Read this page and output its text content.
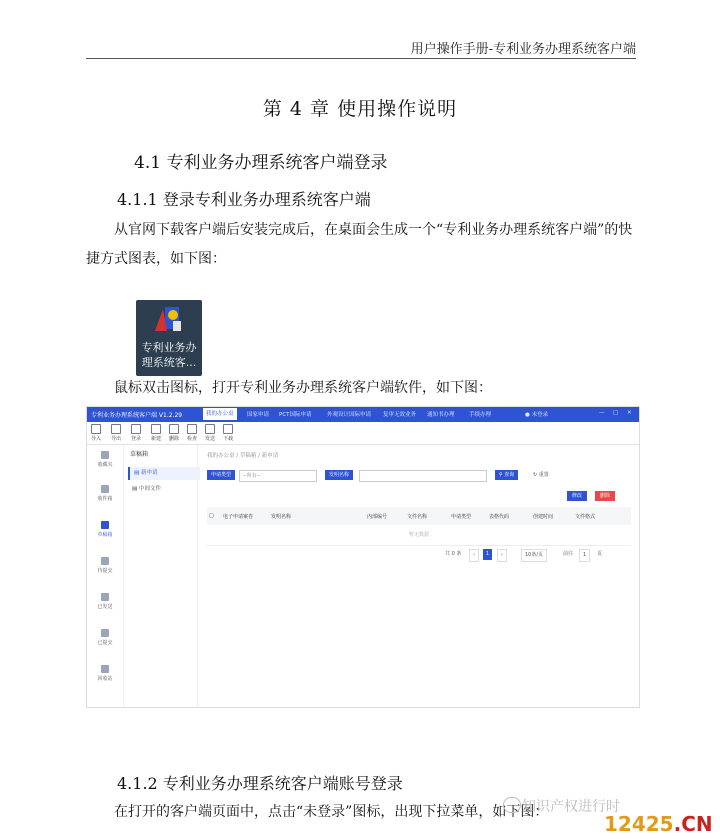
用户操作手册-专利业务办理系统客户端
第 4 章 使用操作说明
4.1 专利业务办理系统客户端登录
4.1.1 登录专利业务办理系统客户端
从官网下载客户端后安装完成后，在桌面会生成一个“专利业务办理系统客户端”的快捷方式图表，如下图：
专利业务办
理系统客...
鼠标双击图标，打开专利业务办理系统客户端软件，如下图：
专利业务办理系统客户端 V1.2.29	我的办公桌	国家申请 PCT国际申请	外观设计国际申请 复审无效业务 通知书办理	手续办理	● 未登录	— □ ✕
导入	导出	登录	新建	删除	检查	发送	下载
收藏夹
收件箱
草稿箱
待提交
已发送
已提交
回收站
草稿箱
▤ 新申请
▤ 中间文件
我的办公桌 / 草稿箱 / 新申请
申请类型	--所有--	发明名称	⚲ 查询	↻ 重置
修改	删除
□ 电子申请案卷	发明名称	内部编号	文件名称	申请类型	表格代码	创建时间	文件格式
暂无数据
共 0 条	‹	1	›	10条/页	前往	1	页
4.1.2 专利业务办理系统客户端账号登录
在打开的客户端页面中，点击“未登录”图标，出现下拉菜单，如下图：
知识产权进行时
12425.CN
